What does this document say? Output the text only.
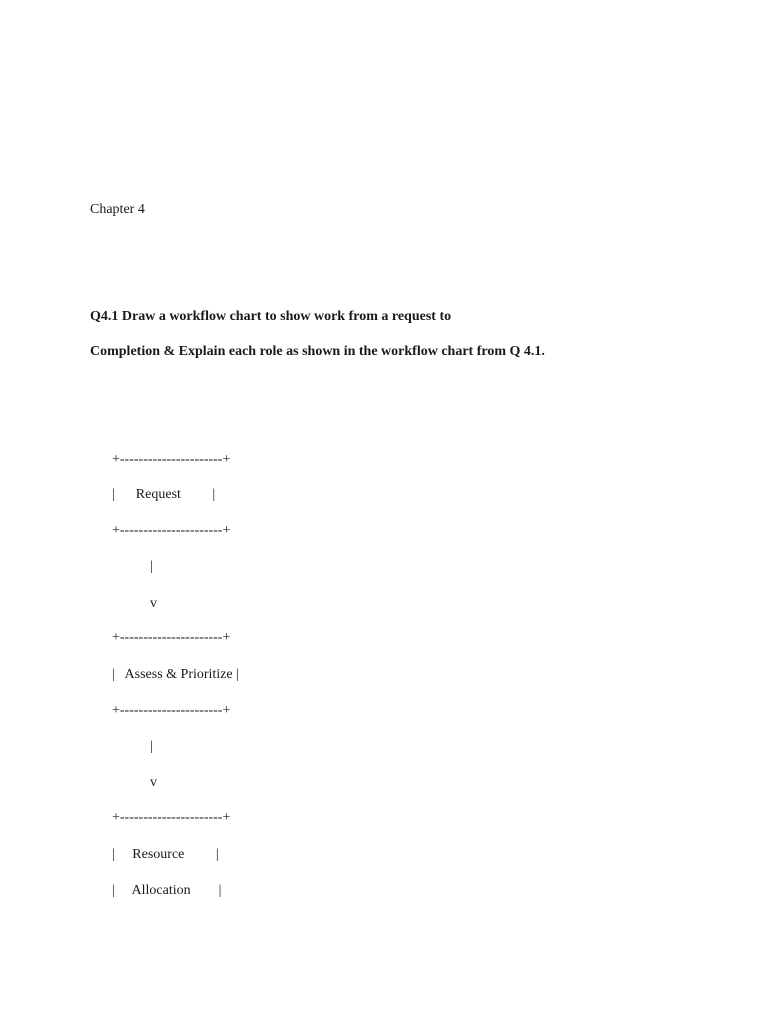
Chapter 4
Q4.1 Draw a workflow chart to show work from a request to
Completion & Explain each role as shown in the workflow chart from Q 4.1.
+----------------------+
|      Request         |
+----------------------+
|
v
+----------------------+
|   Assess & Prioritize |
+----------------------+
|
v
+----------------------+
|     Resource         |
|     Allocation        |
